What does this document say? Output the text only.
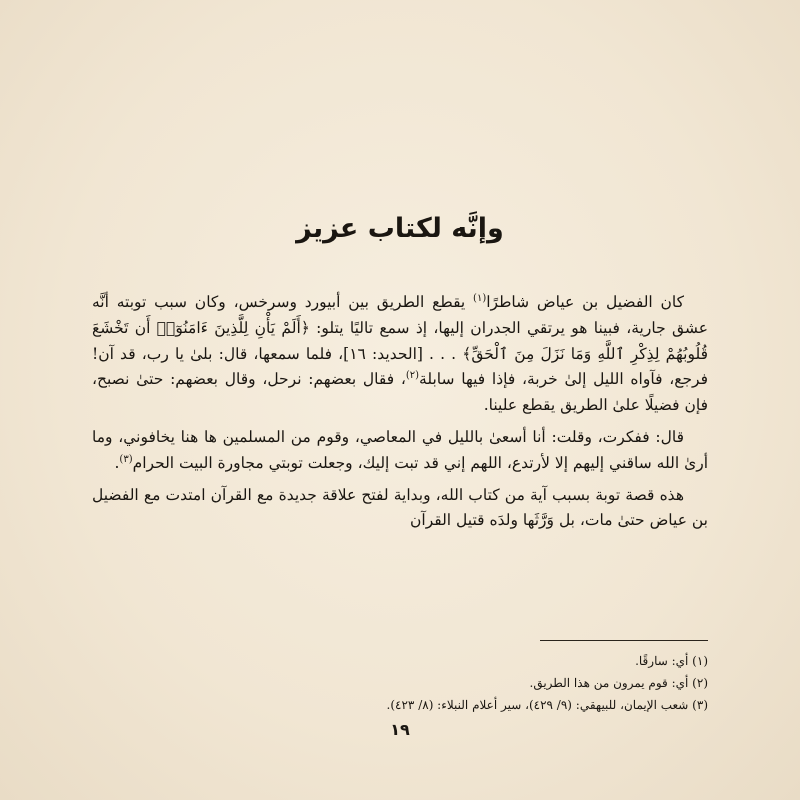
وإنَّه لكتاب عزيز

كان الفضيل بن عياض شاطرًا$^{(١)}$ يقطع الطريق بين أبيورد وسرخس، وكان سبب توبته أنَّه عشق جارية، فبينا هو يرتقي الجدران إليها، إذ سمع تاليًا يتلو: ﴿أَلَمْ يَأْنِ لِلَّذِينَ ءَامَنُوٓا۟ أَن تَخْشَعَ قُلُوبُهُمْ لِذِكْرِ ٱللَّهِ وَمَا نَزَلَ مِنَ ٱلْحَقِّ﴾ . . . [الحديد: ١٦]، فلما سمعها، قال: بلىٰ يا رب، قد آن! فرجع، فآواه الليل إلىٰ خربة، فإذا فيها سابلة$^{(٢)}$، فقال بعضهم: نرحل، وقال بعضهم: حتىٰ نصبح، فإن فضيلًا علىٰ الطريق يقطع علينا.

قال: ففكرت، وقلت: أنا أسعىٰ بالليل في المعاصي، وقوم من المسلمين ها هنا يخافوني، وما أرىٰ الله ساقني إليهم إلا لأرتدع، اللهم إني قد تبت إليك، وجعلت توبتي مجاورة البيت الحرام$^{(٣)}$.

هذه قصة توبة بسبب آية من كتاب الله، وبداية لفتح علاقة جديدة مع القرآن امتدت مع الفضيل بن عياض حتىٰ مات، بل وَرَّثَها ولدَه قتيل القرآن

(١) أي: سارقًا.
(٢) أي: قوم يمرون من هذا الطريق.
(٣) شعب الإيمان، للبيهقي: (٩/ ٤٢٩)، سير أعلام النبلاء: (٨/ ٤٢٣).
١٩
